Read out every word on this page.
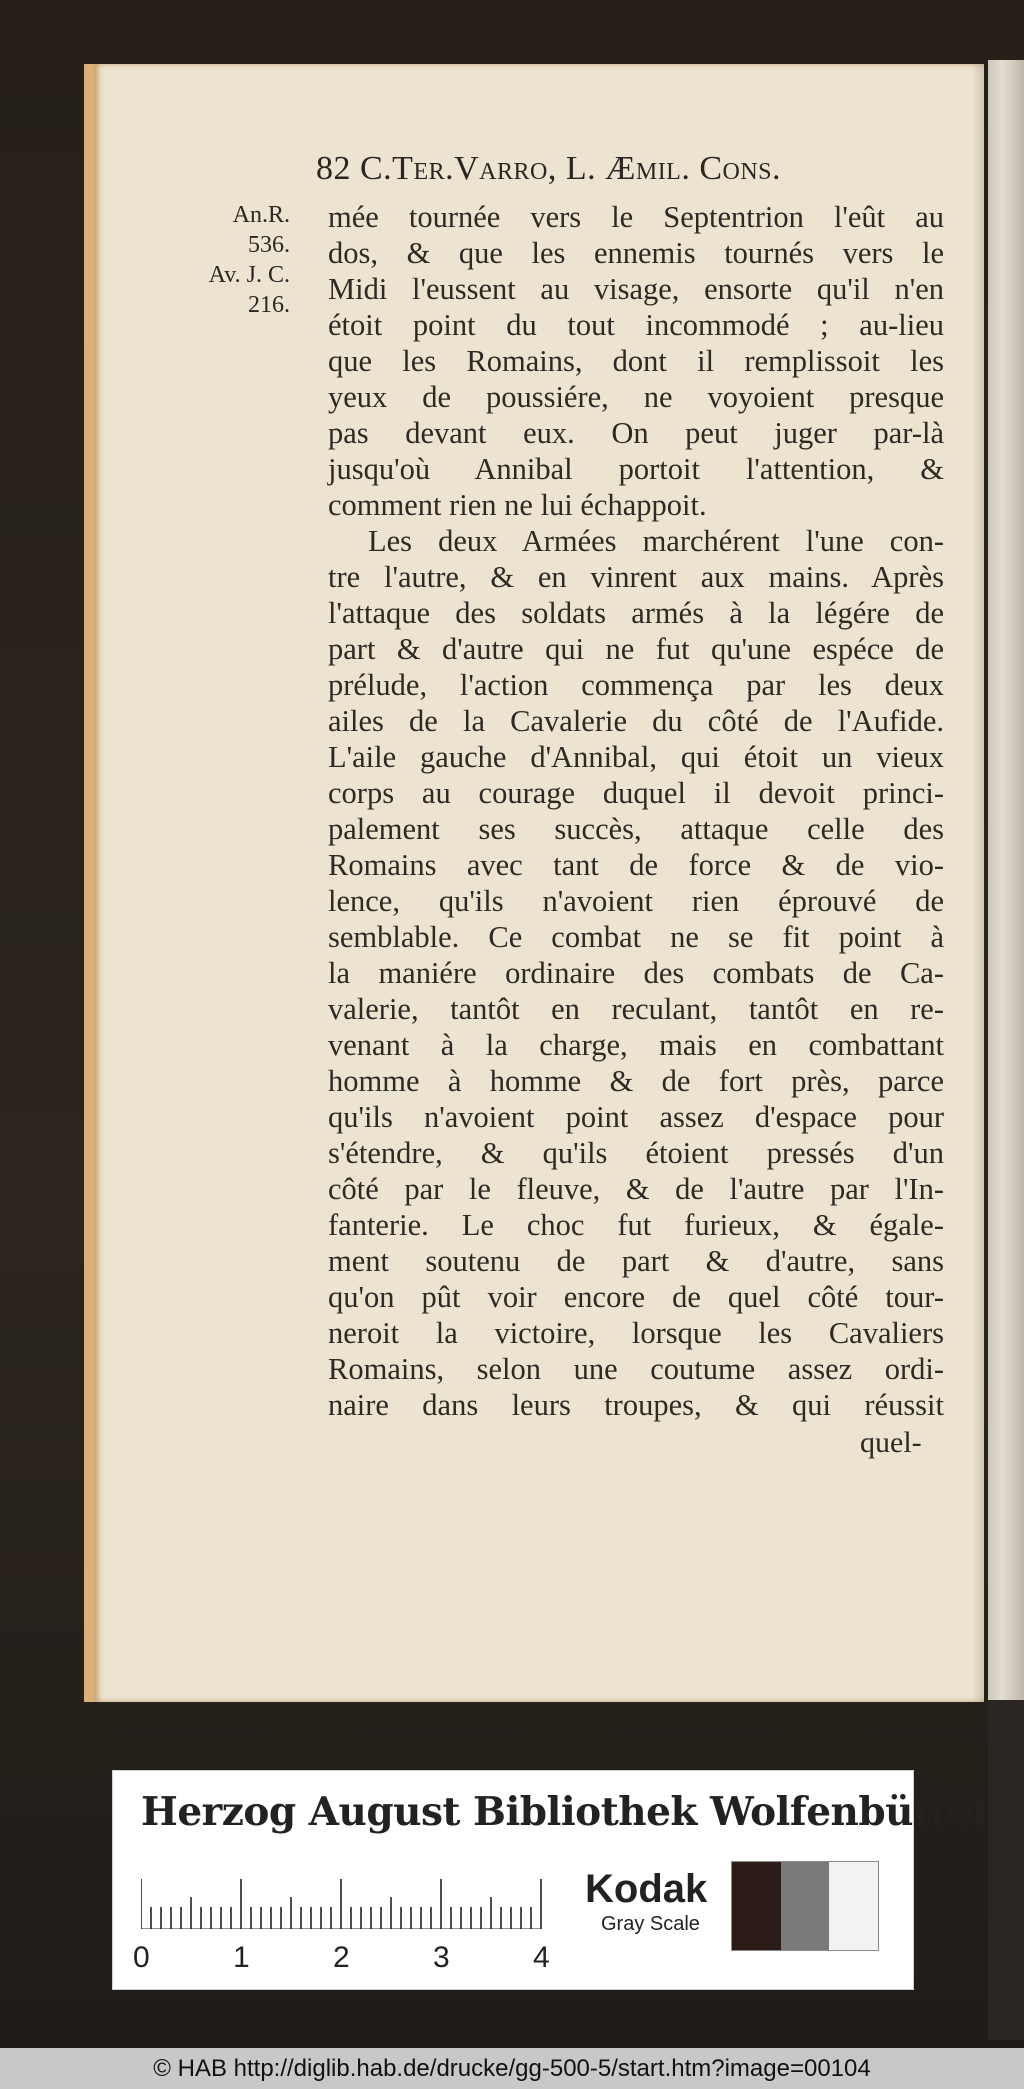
82 C.Ter.Varro, L. Æmil. Cons.
An.R.
536.
Av. J. C.
216.
mée tournée vers le Septentrion l'eût au
dos, & que les ennemis tournés vers le
Midi l'eussent au visage, ensorte qu'il n'en
étoit point du tout incommodé ; au-lieu
que les Romains, dont il remplissoit les
yeux de poussiére, ne voyoient presque
pas devant eux. On peut juger par-là
jusqu'où Annibal portoit l'attention, &
comment rien ne lui échappoit.
Les deux Armées marchérent l'une con-
tre l'autre, & en vinrent aux mains. Après
l'attaque des soldats armés à la légére de
part & d'autre qui ne fut qu'une espéce de
prélude, l'action commença par les deux
ailes de la Cavalerie du côté de l'Aufide.
L'aile gauche d'Annibal, qui étoit un vieux
corps au courage duquel il devoit princi-
palement ses succès, attaque celle des
Romains avec tant de force & de vio-
lence, qu'ils n'avoient rien éprouvé de
semblable. Ce combat ne se fit point à
la maniére ordinaire des combats de Ca-
valerie, tantôt en reculant, tantôt en re-
venant à la charge, mais en combattant
homme à homme & de fort près, parce
qu'ils n'avoient point assez d'espace pour
s'étendre, & qu'ils étoient pressés d'un
côté par le fleuve, & de l'autre par l'In-
fanterie. Le choc fut furieux, & égale-
ment soutenu de part & d'autre, sans
qu'on pût voir encore de quel côté tour-
neroit la victoire, lorsque les Cavaliers
Romains, selon une coutume assez ordi-
naire dans leurs troupes, & qui réussit
quel-
Herzog August Bibliothek Wolfenbüttel
0	1	2	3	4
Kodak
Gray Scale
© HAB http://diglib.hab.de/drucke/gg-500-5/start.htm?image=00104
